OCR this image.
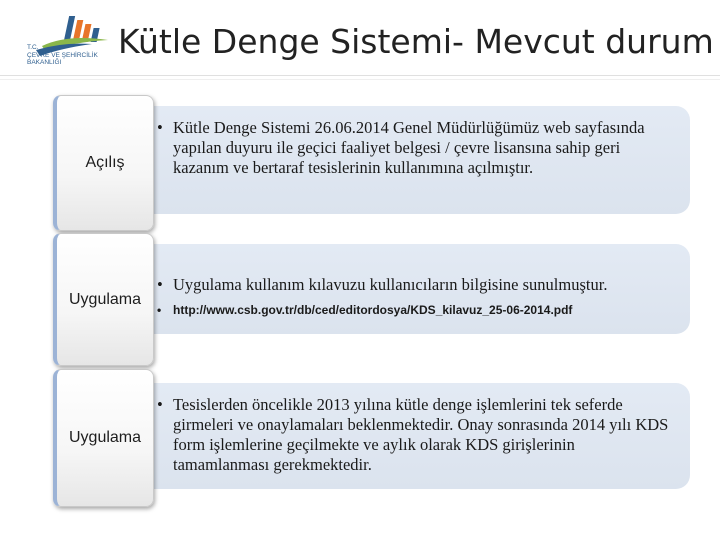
T.C.
ÇEVRE VE ŞEHİRCİLİK
BAKANLIĞI
Kütle Denge Sistemi- Mevcut durum
Açılış
• Kütle Denge Sistemi 26.06.2014 Genel Müdürlüğümüz web sayfasında yapılan duyuru ile geçici faaliyet belgesi / çevre lisansına sahip geri kazanım ve bertaraf tesislerinin kullanımına açılmıştır.
Uygulama
• Uygulama kullanım kılavuzu kullanıcıların bilgisine sunulmuştur.
• http://www.csb.gov.tr/db/ced/editordosya/KDS_kilavuz_25-06-2014.pdf
Uygulama
• Tesislerden öncelikle 2013 yılına kütle denge işlemlerini tek seferde girmeleri ve onaylamaları beklenmektedir. Onay sonrasında 2014 yılı KDS form işlemlerine geçilmekte ve aylık olarak KDS girişlerinin tamamlanması gerekmektedir.
